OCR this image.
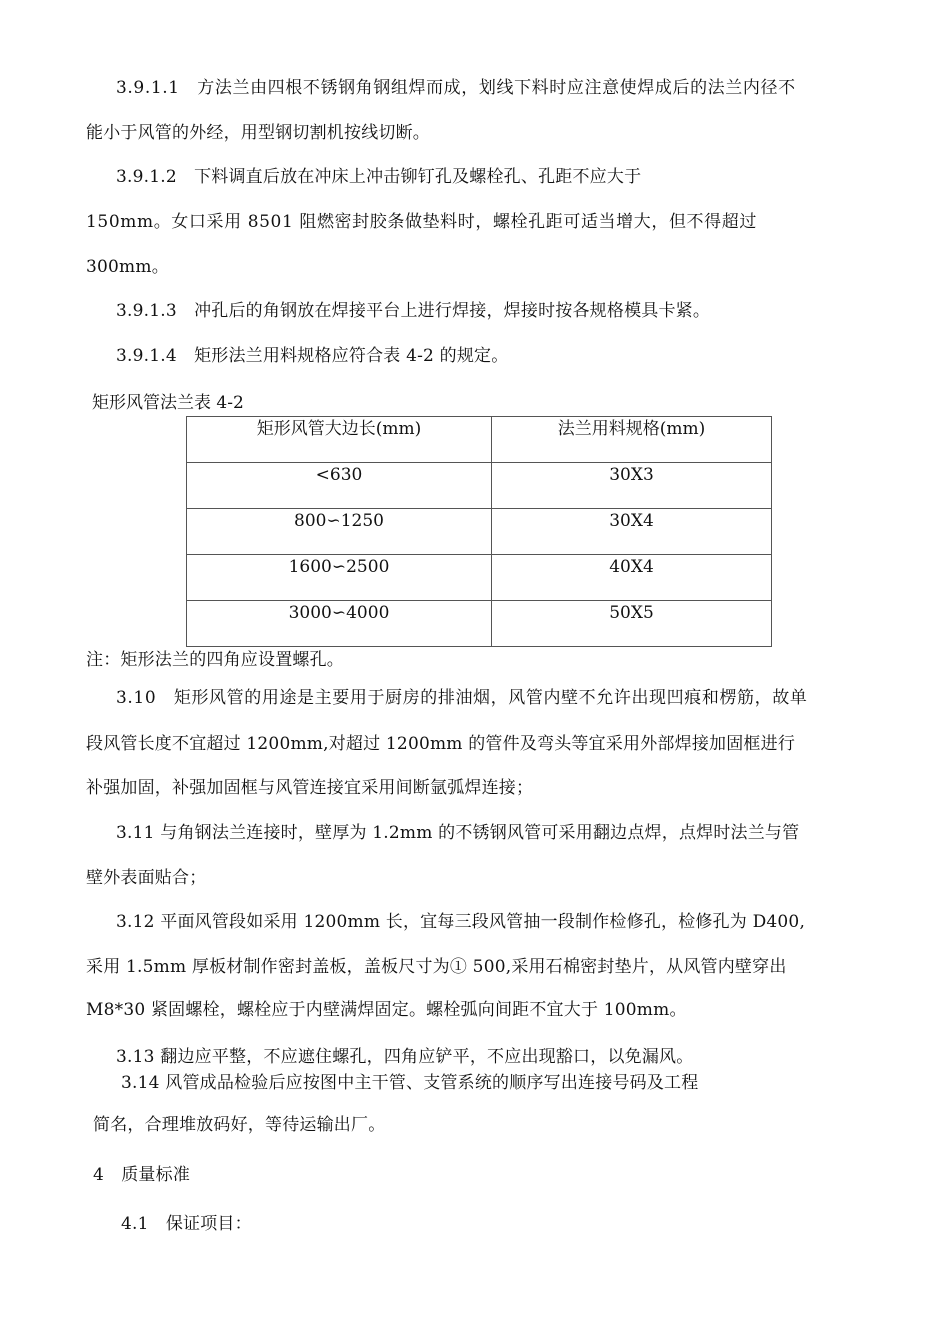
3.9.1.1　方法兰由四根不锈钢角钢组焊而成，划线下料时应注意使焊成后的法兰内径不
能小于风管的外经，用型钢切割机按线切断。
3.9.1.2　下料调直后放在冲床上冲击铆钉孔及螺栓孔、孔距不应大于
150mm。女口采用 8501 阻燃密封胶条做垫料时，螺栓孔距可适当增大，但不得超过
300mm。
3.9.1.3　冲孔后的角钢放在焊接平台上进行焊接，焊接时按各规格模具卡紧。
3.9.1.4　矩形法兰用料规格应符合表 4-2 的规定。
矩形风管法兰表 4-2
矩形风管大边长(mm)	法兰用料规格(mm)
<630	30X3
800∽1250	30X4
1600∽2500	40X4
3000∽4000	50X5
注：矩形法兰的四角应设置螺孔。
3.10　矩形风管的用途是主要用于厨房的排油烟，风管内壁不允许出现凹痕和楞筋，故单
段风管长度不宜超过 1200mm,对超过 1200mm 的管件及弯头等宜采用外部焊接加固框进行
补强加固，补强加固框与风管连接宜采用间断氩弧焊连接；
3.11 与角钢法兰连接时，壁厚为 1.2mm 的不锈钢风管可采用翻边点焊，点焊时法兰与管
壁外表面贴合；
3.12 平面风管段如采用 1200mm 长，宜每三段风管抽一段制作检修孔，检修孔为 D400,
采用 1.5mm 厚板材制作密封盖板，盖板尺寸为① 500,采用石棉密封垫片，从风管内壁穿出
M8*30 紧固螺栓，螺栓应于内壁满焊固定。螺栓弧向间距不宜大于 100mm。
3.13 翻边应平整，不应遮住螺孔，四角应铲平，不应出现豁口，以免漏风。
3.14 风管成品检验后应按图中主干管、支管系统的顺序写出连接号码及工程
简名，合理堆放码好，等待运输出厂。
4　质量标准
4.1　保证项目：
